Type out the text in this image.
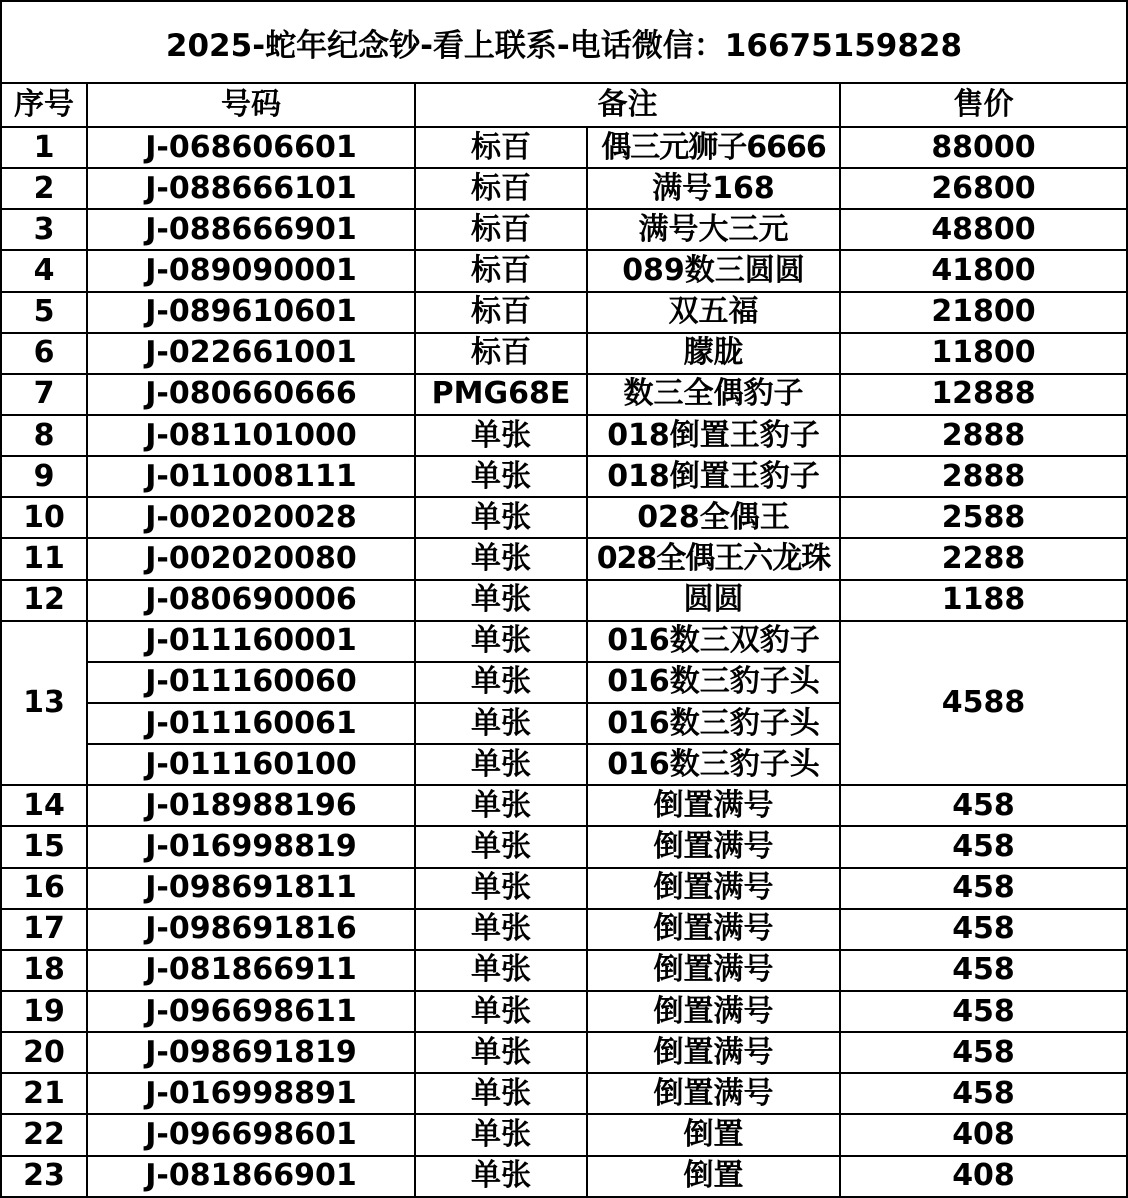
2025-蛇年纪念钞-看上联系-电话微信：16675159828
序号	号码	备注		售价
1	J-068606601	标百	偶三元狮子6666	88000
2	J-088666101	标百	满号168	26800
3	J-088666901	标百	满号大三元	48800
4	J-089090001	标百	089数三圆圆	41800
5	J-089610601	标百	双五福	21800
6	J-022661001	标百	朦胧	11800
7	J-080660666	PMG68E	数三全偶豹子	12888
8	J-081101000	单张	018倒置王豹子	2888
9	J-011008111	单张	018倒置王豹子	2888
10	J-002020028	单张	028全偶王	2588
11	J-002020080	单张	028全偶王六龙珠	2288
12	J-080690006	单张	圆圆	1188
13	J-011160001	单张	016数三双豹子	4588
	J-011160060	单张	016数三豹子头	
	J-011160061	单张	016数三豹子头	
	J-011160100	单张	016数三豹子头	
14	J-018988196	单张	倒置满号	458
15	J-016998819	单张	倒置满号	458
16	J-098691811	单张	倒置满号	458
17	J-098691816	单张	倒置满号	458
18	J-081866911	单张	倒置满号	458
19	J-096698611	单张	倒置满号	458
20	J-098691819	单张	倒置满号	458
21	J-016998891	单张	倒置满号	458
22	J-096698601	单张	倒置	408
23	J-081866901	单张	倒置	408
